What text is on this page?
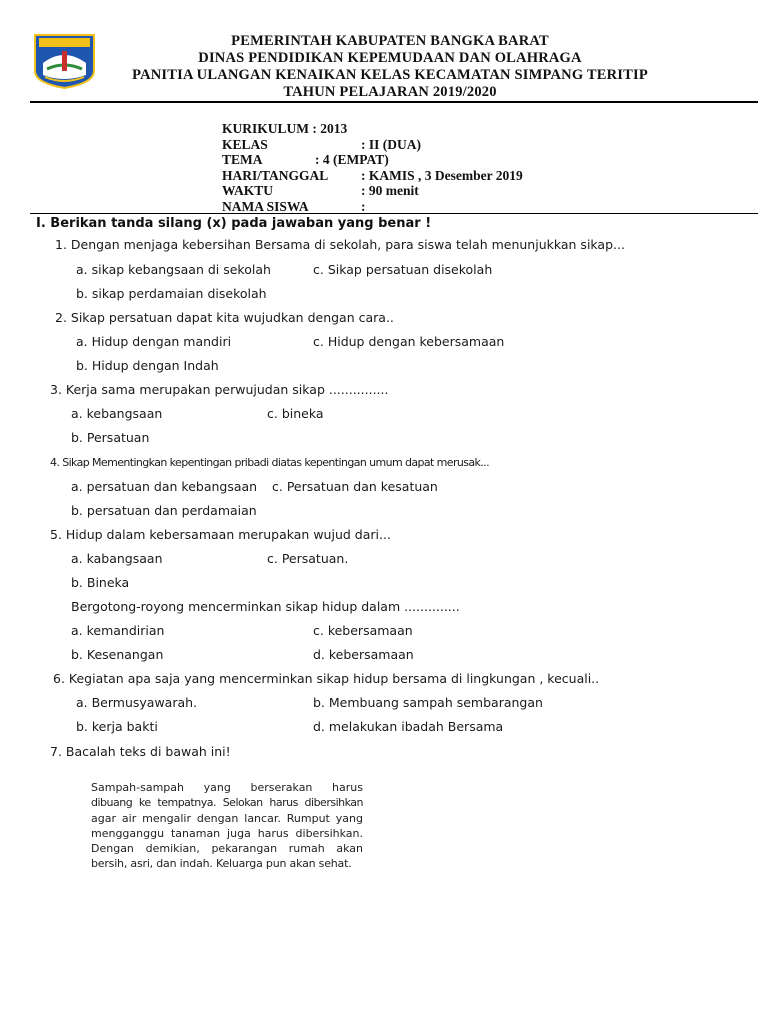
PEMERINTAH KABUPATEN BANGKA BARAT
DINAS PENDIDIKAN KEPEMUDAAN DAN OLAHRAGA
PANITIA ULANGAN KENAIKAN KELAS KECAMATAN SIMPANG TERITIP
TAHUN PELAJARAN 2019/2020
KURIKULUM : 2013
KELAS	: II (DUA)
TEMA	: 4 (EMPAT)
HARI/TANGGAL : KAMIS , 3 Desember 2019
WAKTU	: 90 menit
NAMA SISWA	:
I. Berikan tanda silang (x) pada jawaban yang benar !
1. Dengan menjaga kebersihan Bersama di sekolah, para siswa telah menunjukkan sikap...
a. sikap kebangsaan di sekolah	c. Sikap persatuan disekolah
b. sikap perdamaian disekolah
2. Sikap persatuan dapat kita wujudkan dengan cara..
a. Hidup dengan mandiri	c. Hidup dengan kebersamaan
b. Hidup dengan Indah
3. Kerja sama merupakan perwujudan sikap ...............
a. kebangsaan	c. bineka
b. Persatuan
4. Sikap Mementingkan kepentingan pribadi diatas kepentingan umum dapat merusak...
a. persatuan dan kebangsaan c. Persatuan dan kesatuan
b. persatuan dan perdamaian
5. Hidup dalam kebersamaan merupakan wujud dari...
a. kabangsaan	c. Persatuan.
b. Bineka
Bergotong-royong mencerminkan sikap hidup dalam ..............
a. kemandirian	c. kebersamaan
b. Kesenangan	d. kebersamaan
6. Kegiatan apa saja yang mencerminkan sikap hidup bersama di lingkungan , kecuali..
a. Bermusyawarah.	b. Membuang sampah sembarangan
b. kerja bakti	d. melakukan ibadah Bersama
7. Bacalah teks di bawah ini!

Sampah-sampah yang berserakan harus

dibuang ke tempatnya. Selokan harus dibersihkan

agar air mengalir dengan lancar. Rumput yang

mengganggu tanaman juga harus dibersihkan.

Dengan demikian, pekarangan rumah akan

bersih, asri, dan indah. Keluarga pun akan sehat.
